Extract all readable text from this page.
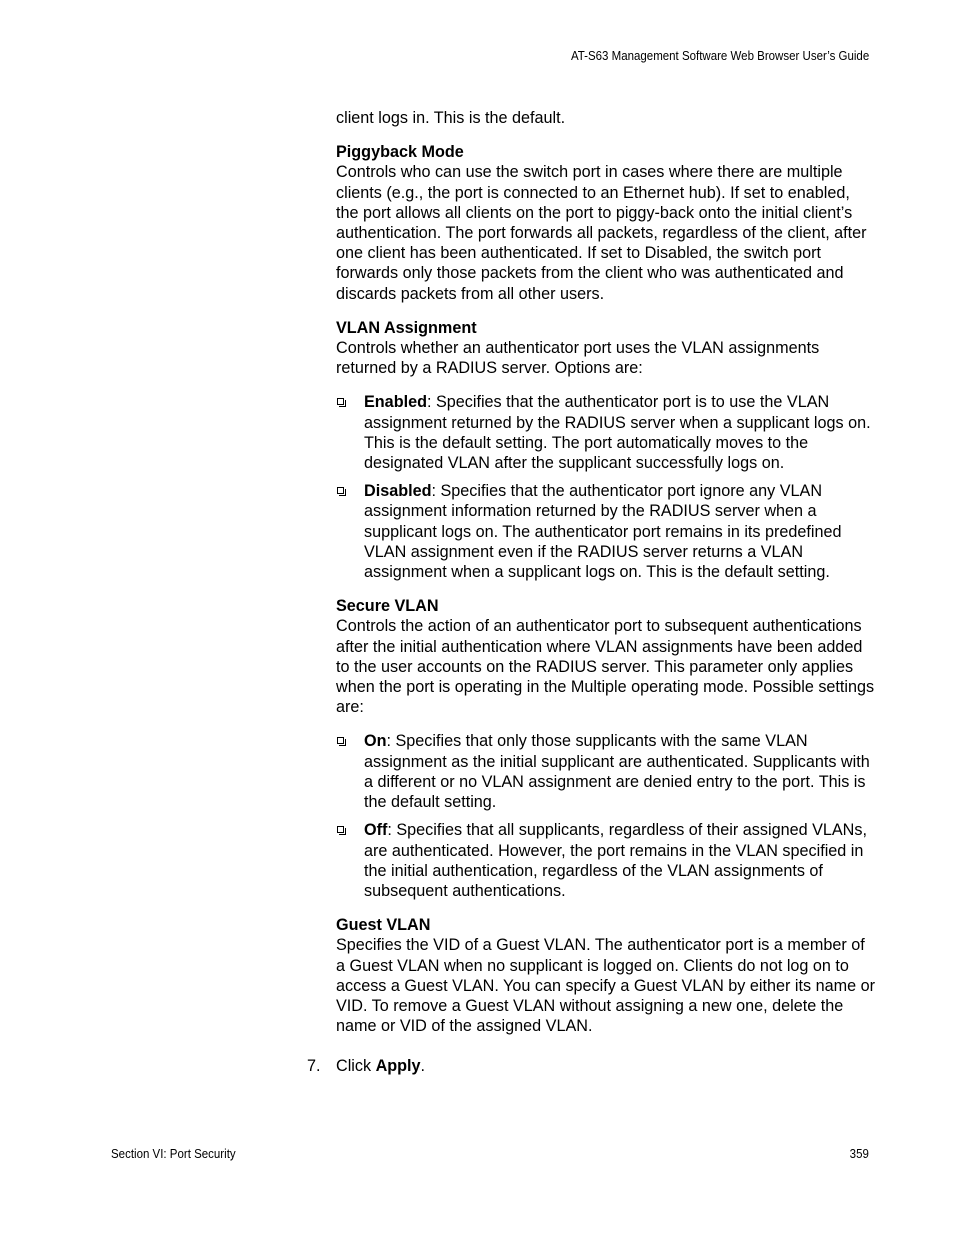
AT-S63 Management Software Web Browser User’s Guide

client logs in. This is the default.

Piggyback Mode

Controls who can use the switch port in cases where there are multiple clients (e.g., the port is connected to an Ethernet hub). If set to enabled, the port allows all clients on the port to piggy-back onto the initial client’s authentication. The port forwards all packets, regardless of the client, after one client has been authenticated. If set to Disabled, the switch port forwards only those packets from the client who was authenticated and discards packets from all other users.

VLAN Assignment

Controls whether an authenticator port uses the VLAN assignments returned by a RADIUS server. Options are:

Enabled: Specifies that the authenticator port is to use the VLAN assignment returned by the RADIUS server when a supplicant logs on. This is the default setting. The port automatically moves to the designated VLAN after the supplicant successfully logs on.
Disabled: Specifies that the authenticator port ignore any VLAN assignment information returned by the RADIUS server when a supplicant logs on. The authenticator port remains in its predefined VLAN assignment even if the RADIUS server returns a VLAN assignment when a supplicant logs on. This is the default setting.

Secure VLAN

Controls the action of an authenticator port to subsequent authentications after the initial authentication where VLAN assignments have been added to the user accounts on the RADIUS server. This parameter only applies when the port is operating in the Multiple operating mode. Possible settings are:

On: Specifies that only those supplicants with the same VLAN assignment as the initial supplicant are authenticated. Supplicants with a different or no VLAN assignment are denied entry to the port. This is the default setting.
Off: Specifies that all supplicants, regardless of their assigned VLANs, are authenticated. However, the port remains in the VLAN specified in the initial authentication, regardless of the VLAN assignments of subsequent authentications.

Guest VLAN

Specifies the VID of a Guest VLAN. The authenticator port is a member of a Guest VLAN when no supplicant is logged on. Clients do not log on to access a Guest VLAN. You can specify a Guest VLAN by either its name or VID. To remove a Guest VLAN without assigning a new one, delete the name or VID of the assigned VLAN.

7. Click Apply.
Section VI: Port Security	359
